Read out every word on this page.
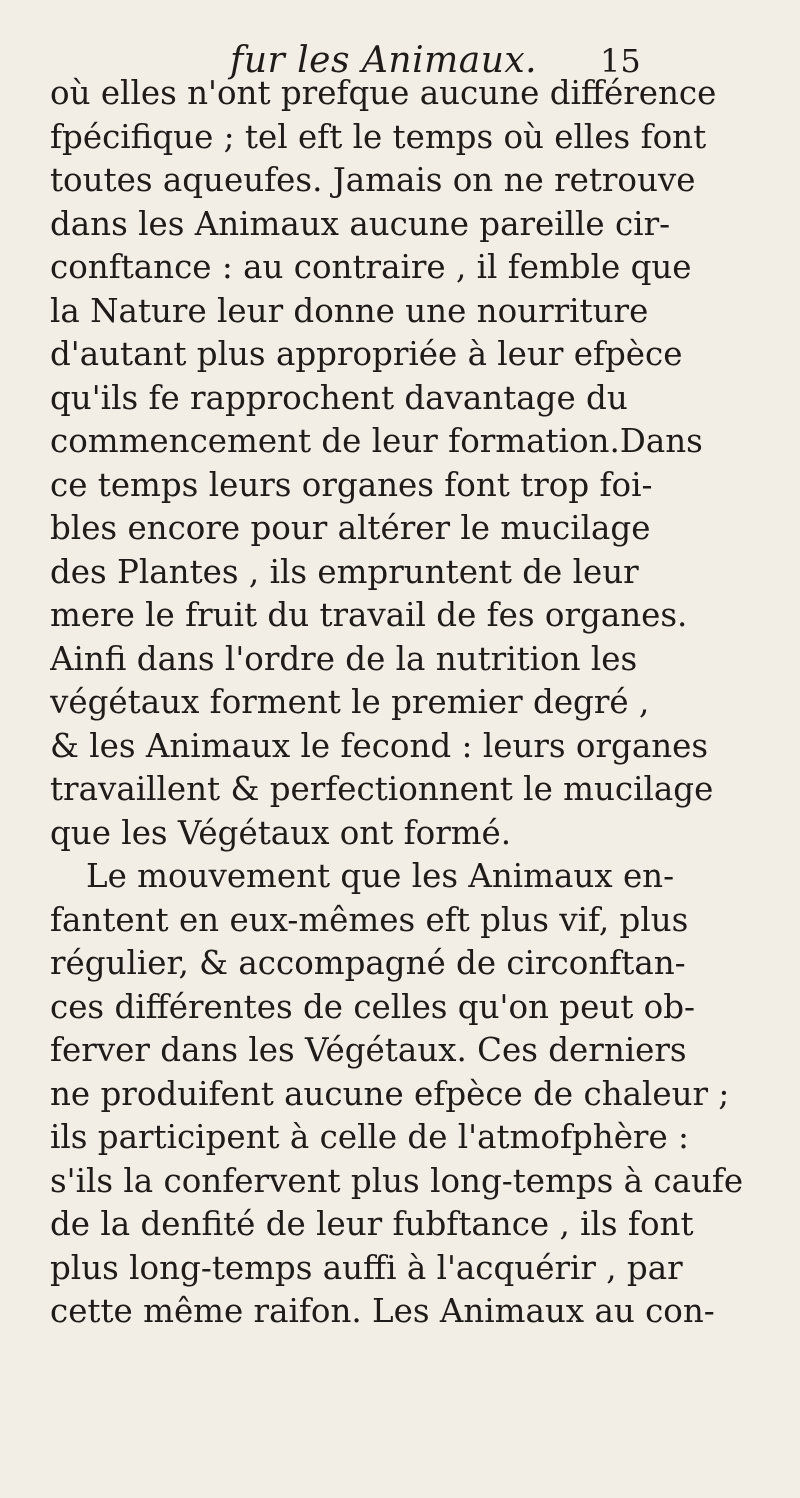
fur les Animaux. 15
où elles n'ont prefque aucune différence
fpécifique ; tel eft le temps où elles font
toutes aqueufes. Jamais on ne retrouve
dans les Animaux aucune pareille cir-
conftance : au contraire , il femble que
la Nature leur donne une nourriture
d'autant plus appropriée à leur efpèce
qu'ils fe rapprochent davantage du
commencement de leur formation.Dans
ce temps leurs organes font trop foi-
bles encore pour altérer le mucilage
des Plantes , ils empruntent de leur
mere le fruit du travail de fes organes.
Ainfi dans l'ordre de la nutrition les
végétaux forment le premier degré ,
& les Animaux le fecond : leurs organes
travaillent & perfectionnent le mucilage
que les Végétaux ont formé.
Le mouvement que les Animaux en-
fantent en eux-mêmes eft plus vif, plus
régulier, & accompagné de circonftan-
ces différentes de celles qu'on peut ob-
ferver dans les Végétaux. Ces derniers
ne produifent aucune efpèce de chaleur ;
ils participent à celle de l'atmofphère :
s'ils la confervent plus long-temps à caufe
de la denfité de leur fubftance , ils font
plus long-temps auffi à l'acquérir , par
cette même raifon. Les Animaux au con-
